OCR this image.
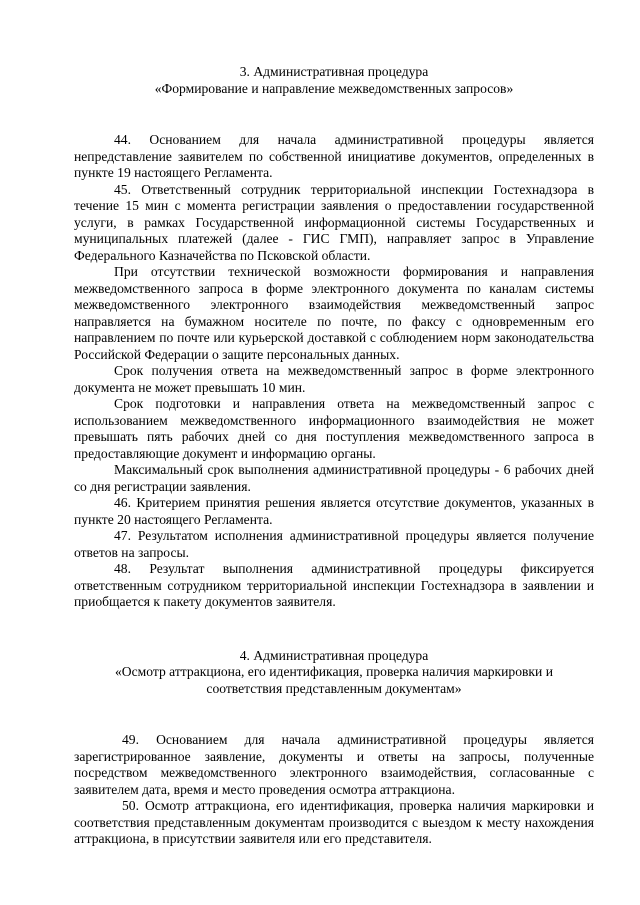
3. Административная процедура

«Формирование и направление межведомственных запросов»

44. Основанием для начала административной процедуры является непредставление заявителем по собственной инициативе документов, определенных в пункте 19 настоящего Регламента.

45. Ответственный сотрудник территориальной инспекции Гостехнадзора в течение 15 мин с момента регистрации заявления о предоставлении государственной услуги, в рамках Государственной информационной системы Государственных и муниципальных платежей (далее - ГИС ГМП), направляет запрос в Управление Федерального Казначейства по Псковской области.

При отсутствии технической возможности формирования и направления межведомственного запроса в форме электронного документа по каналам системы межведомственного электронного взаимодействия межведомственный запрос направляется на бумажном носителе по почте, по факсу с одновременным его направлением по почте или курьерской доставкой с соблюдением норм законодательства Российской Федерации о защите персональных данных.

Срок получения ответа на межведомственный запрос в форме электронного документа не может превышать 10 мин.

Срок подготовки и направления ответа на межведомственный запрос с использованием межведомственного информационного взаимодействия не может превышать пять рабочих дней со дня поступления межведомственного запроса в предоставляющие документ и информацию органы.

Максимальный срок выполнения административной процедуры - 6 рабочих дней со дня регистрации заявления.

46. Критерием принятия решения является отсутствие документов, указанных в пункте 20 настоящего Регламента.

47. Результатом исполнения административной процедуры является получение ответов на запросы.

48. Результат выполнения административной процедуры фиксируется ответственным сотрудником территориальной инспекции Гостехнадзора в заявлении и приобщается к пакету документов заявителя.

4. Административная процедура

«Осмотр аттракциона, его идентификация, проверка наличия маркировки и

соответствия представленным документам»

49. Основанием для начала административной процедуры является зарегистрированное заявление, документы и ответы на запросы, полученные посредством межведомственного электронного взаимодействия, согласованные с заявителем дата, время и место проведения осмотра аттракциона.

50. Осмотр аттракциона, его идентификация, проверка наличия маркировки и соответствия представленным документам производится с выездом к месту нахождения аттракциона, в присутствии заявителя или его представителя.
